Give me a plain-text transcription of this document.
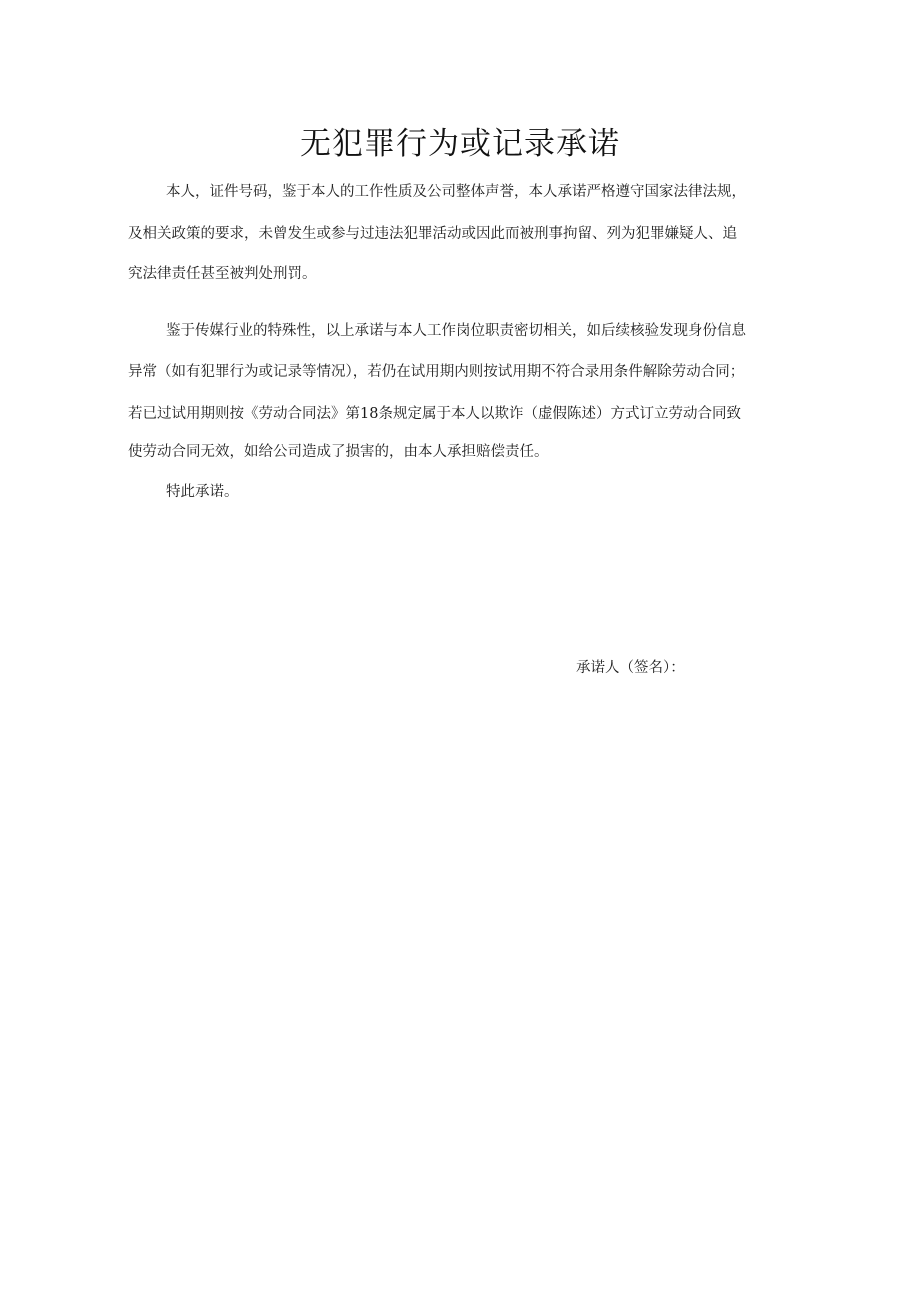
无犯罪行为或记录承诺
本人，证件号码，鉴于本人的工作性质及公司整体声誉，本人承诺严格遵守国家法律法规，
及相关政策的要求，未曾发生或参与过违法犯罪活动或因此而被刑事拘留、列为犯罪嫌疑人、追
究法律责任甚至被判处刑罚。
鉴于传媒行业的特殊性，以上承诺与本人工作岗位职责密切相关，如后续核验发现身份信息
异常（如有犯罪行为或记录等情况），若仍在试用期内则按试用期不符合录用条件解除劳动合同；
若已过试用期则按《劳动合同法》第18条规定属于本人以欺诈（虚假陈述）方式订立劳动合同致
使劳动合同无效，如给公司造成了损害的，由本人承担赔偿责任。
特此承诺。
承诺人（签名）：
